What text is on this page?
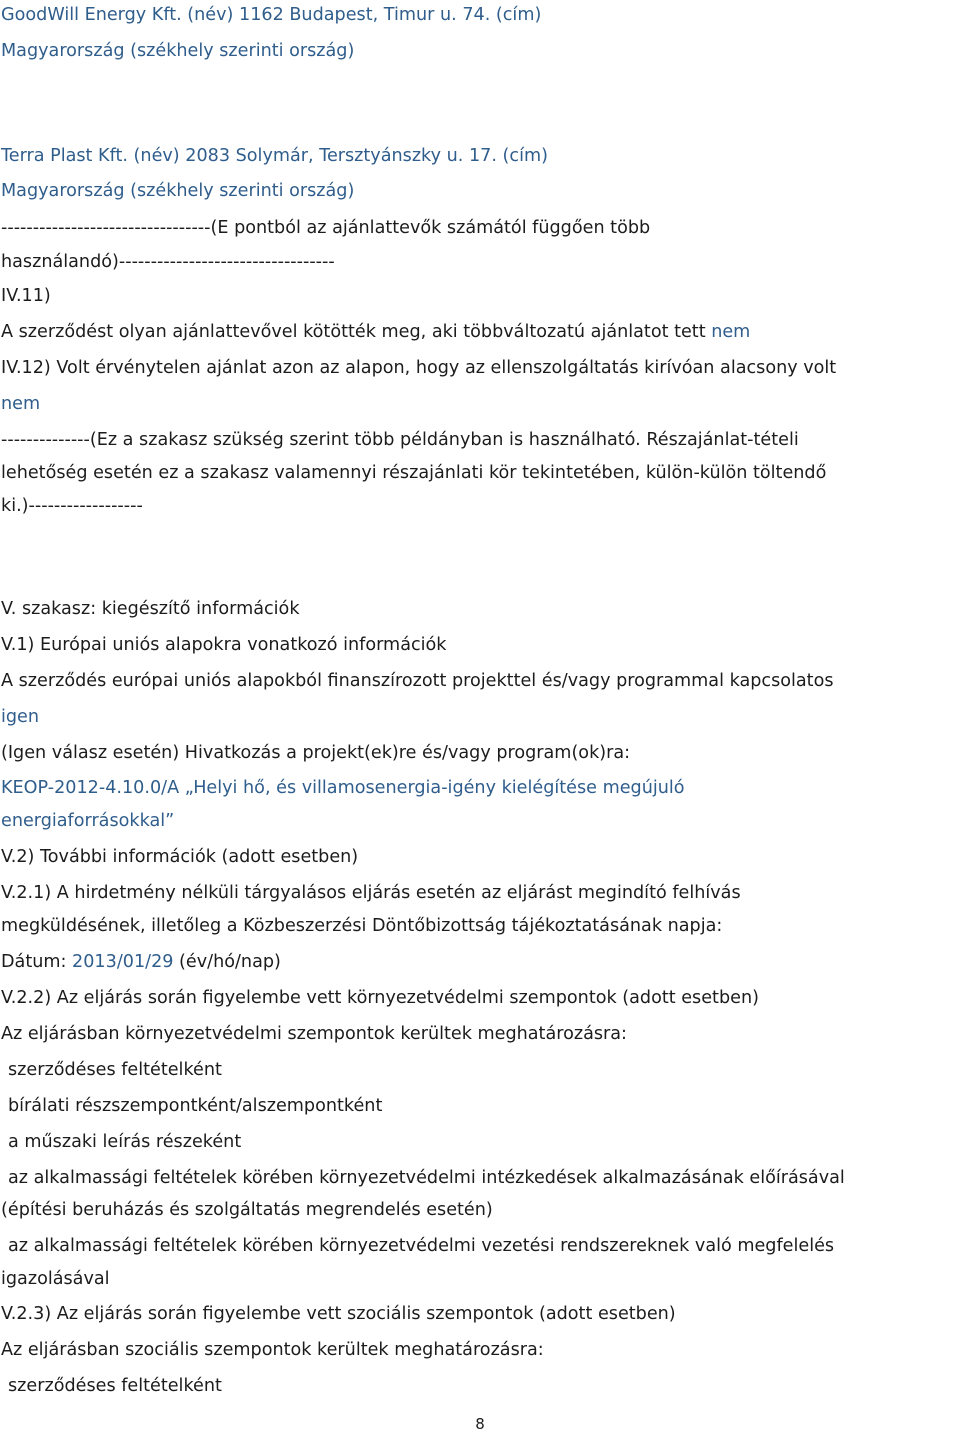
GoodWill Energy Kft. (név) 1162 Budapest, Timur u. 74. (cím)
Magyarország (székhely szerinti ország)
Terra Plast Kft. (név) 2083 Solymár, Tersztyánszky u. 17. (cím)
Magyarország (székhely szerinti ország)
---------------------------------(E pontból az ajánlattevők számától függően több
használandó)----------------------------------
IV.11)
A szerződést olyan ajánlattevővel kötötték meg, aki többváltozatú ajánlatot tett nem
IV.12) Volt érvénytelen ajánlat azon az alapon, hogy az ellenszolgáltatás kirívóan alacsony volt
nem
--------------(Ez a szakasz szükség szerint több példányban is használható. Részajánlat-tételi
lehetőség esetén ez a szakasz valamennyi részajánlati kör tekintetében, külön-külön töltendő
ki.)------------------
V. szakasz: kiegészítő információk
V.1) Európai uniós alapokra vonatkozó információk
A szerződés európai uniós alapokból finanszírozott projekttel és/vagy programmal kapcsolatos
igen
(Igen válasz esetén) Hivatkozás a projekt(ek)re és/vagy program(ok)ra:
KEOP-2012-4.10.0/A „Helyi hő, és villamosenergia-igény kielégítése megújuló
energiaforrásokkal”
V.2) További információk (adott esetben)
V.2.1) A hirdetmény nélküli tárgyalásos eljárás esetén az eljárást megindító felhívás
megküldésének, illetőleg a Közbeszerzési Döntőbizottság tájékoztatásának napja:
Dátum: 2013/01/29 (év/hó/nap)
V.2.2) Az eljárás során figyelembe vett környezetvédelmi szempontok (adott esetben)
Az eljárásban környezetvédelmi szempontok kerültek meghatározásra:
szerződéses feltételként
bírálati részszempontként/alszempontként
a műszaki leírás részeként
az alkalmassági feltételek körében környezetvédelmi intézkedések alkalmazásának előírásával
(építési beruházás és szolgáltatás megrendelés esetén)
az alkalmassági feltételek körében környezetvédelmi vezetési rendszereknek való megfelelés
igazolásával
V.2.3) Az eljárás során figyelembe vett szociális szempontok (adott esetben)
Az eljárásban szociális szempontok kerültek meghatározásra:
szerződéses feltételként
8
